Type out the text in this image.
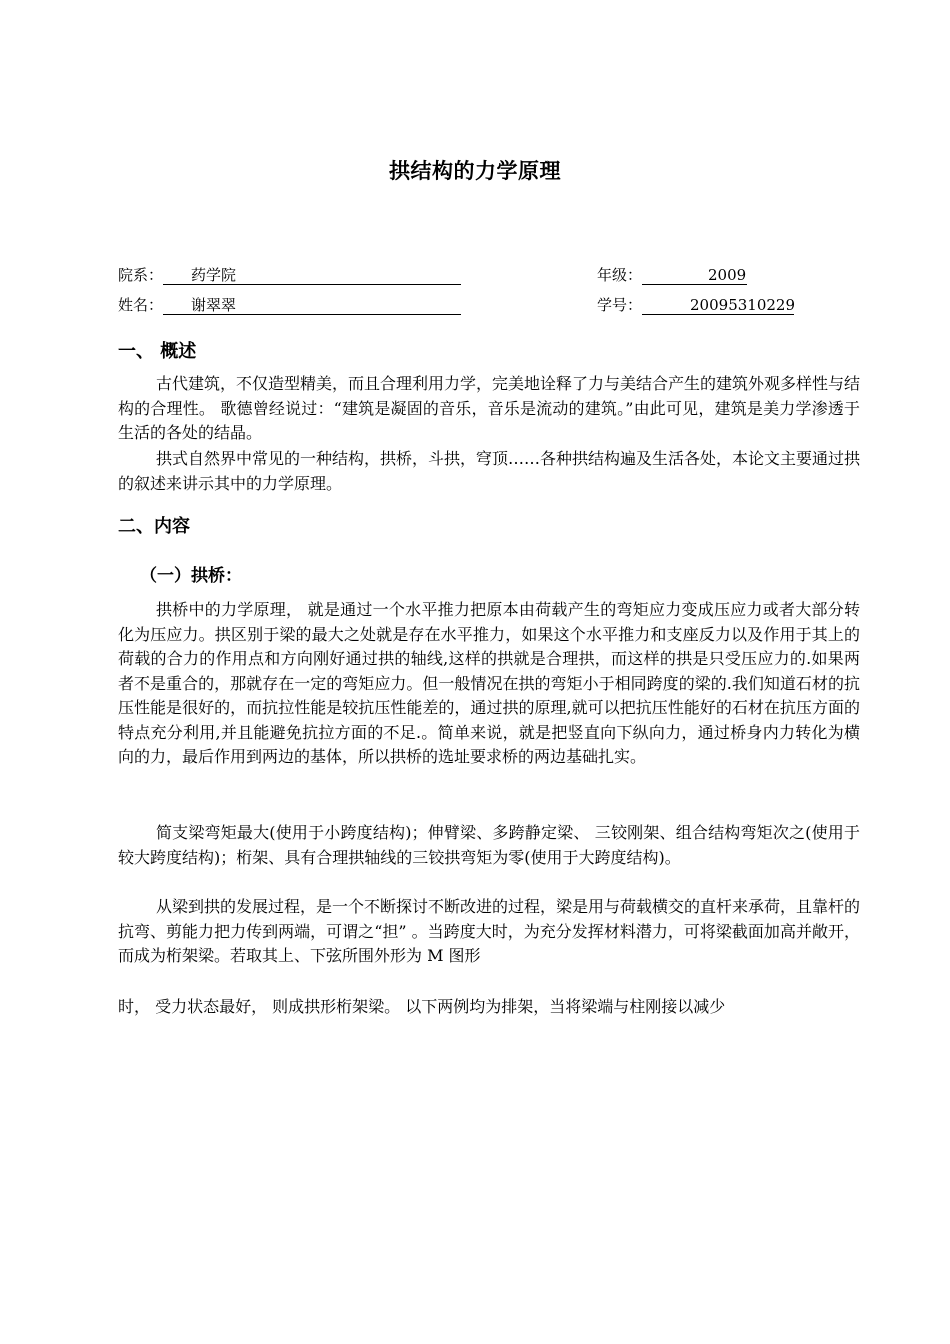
拱结构的力学原理
院系： 药学院	年级：	2009
姓名： 谢翠翠	学号：	20095310229
一、 概述

古代建筑，不仅造型精美，而且合理利用力学，完美地诠释了力与美结合产生的建筑外观多样性与结构的合理性。 歌德曾经说过：“建筑是凝固的音乐，音乐是流动的建筑。”由此可见，建筑是美力学渗透于生活的各处的结晶。

拱式自然界中常见的一种结构，拱桥，斗拱，穹顶……各种拱结构遍及生活各处，本论文主要通过拱的叙述来讲示其中的力学原理。

二、内容
（一）拱桥：

拱桥中的力学原理， 就是通过一个水平推力把原本由荷载产生的弯矩应力变成压应力或者大部分转化为压应力。拱区别于梁的最大之处就是存在水平推力，如果这个水平推力和支座反力以及作用于其上的荷载的合力的作用点和方向刚好通过拱的轴线,这样的拱就是合理拱，而这样的拱是只受压应力的.如果两者不是重合的，那就存在一定的弯矩应力。但一般情况在拱的弯矩小于相同跨度的梁的.我们知道石材的抗压性能是很好的，而抗拉性能是较抗压性能差的，通过拱的原理,就可以把抗压性能好的石材在抗压方面的特点充分利用,并且能避免抗拉方面的不足.。简单来说，就是把竖直向下纵向力，通过桥身内力转化为横向的力，最后作用到两边的基体，所以拱桥的选址要求桥的两边基础扎实。

简支梁弯矩最大(使用于小跨度结构)；伸臂梁、多跨静定梁、 三铰刚架、组合结构弯矩次之(使用于较大跨度结构)；桁架、具有合理拱轴线的三铰拱弯矩为零(使用于大跨度结构)。

从梁到拱的发展过程，是一个不断探讨不断改进的过程，梁是用与荷载横交的直杆来承荷，且靠杆的抗弯、剪能力把力传到两端，可谓之“担” 。当跨度大时，为充分发挥材料潜力，可将梁截面加高并敞开，而成为桁架梁。若取其上、下弦所围外形为 M 图形

时， 受力状态最好， 则成拱形桁架梁。 以下两例均为排架，当将梁端与柱刚接以减少
